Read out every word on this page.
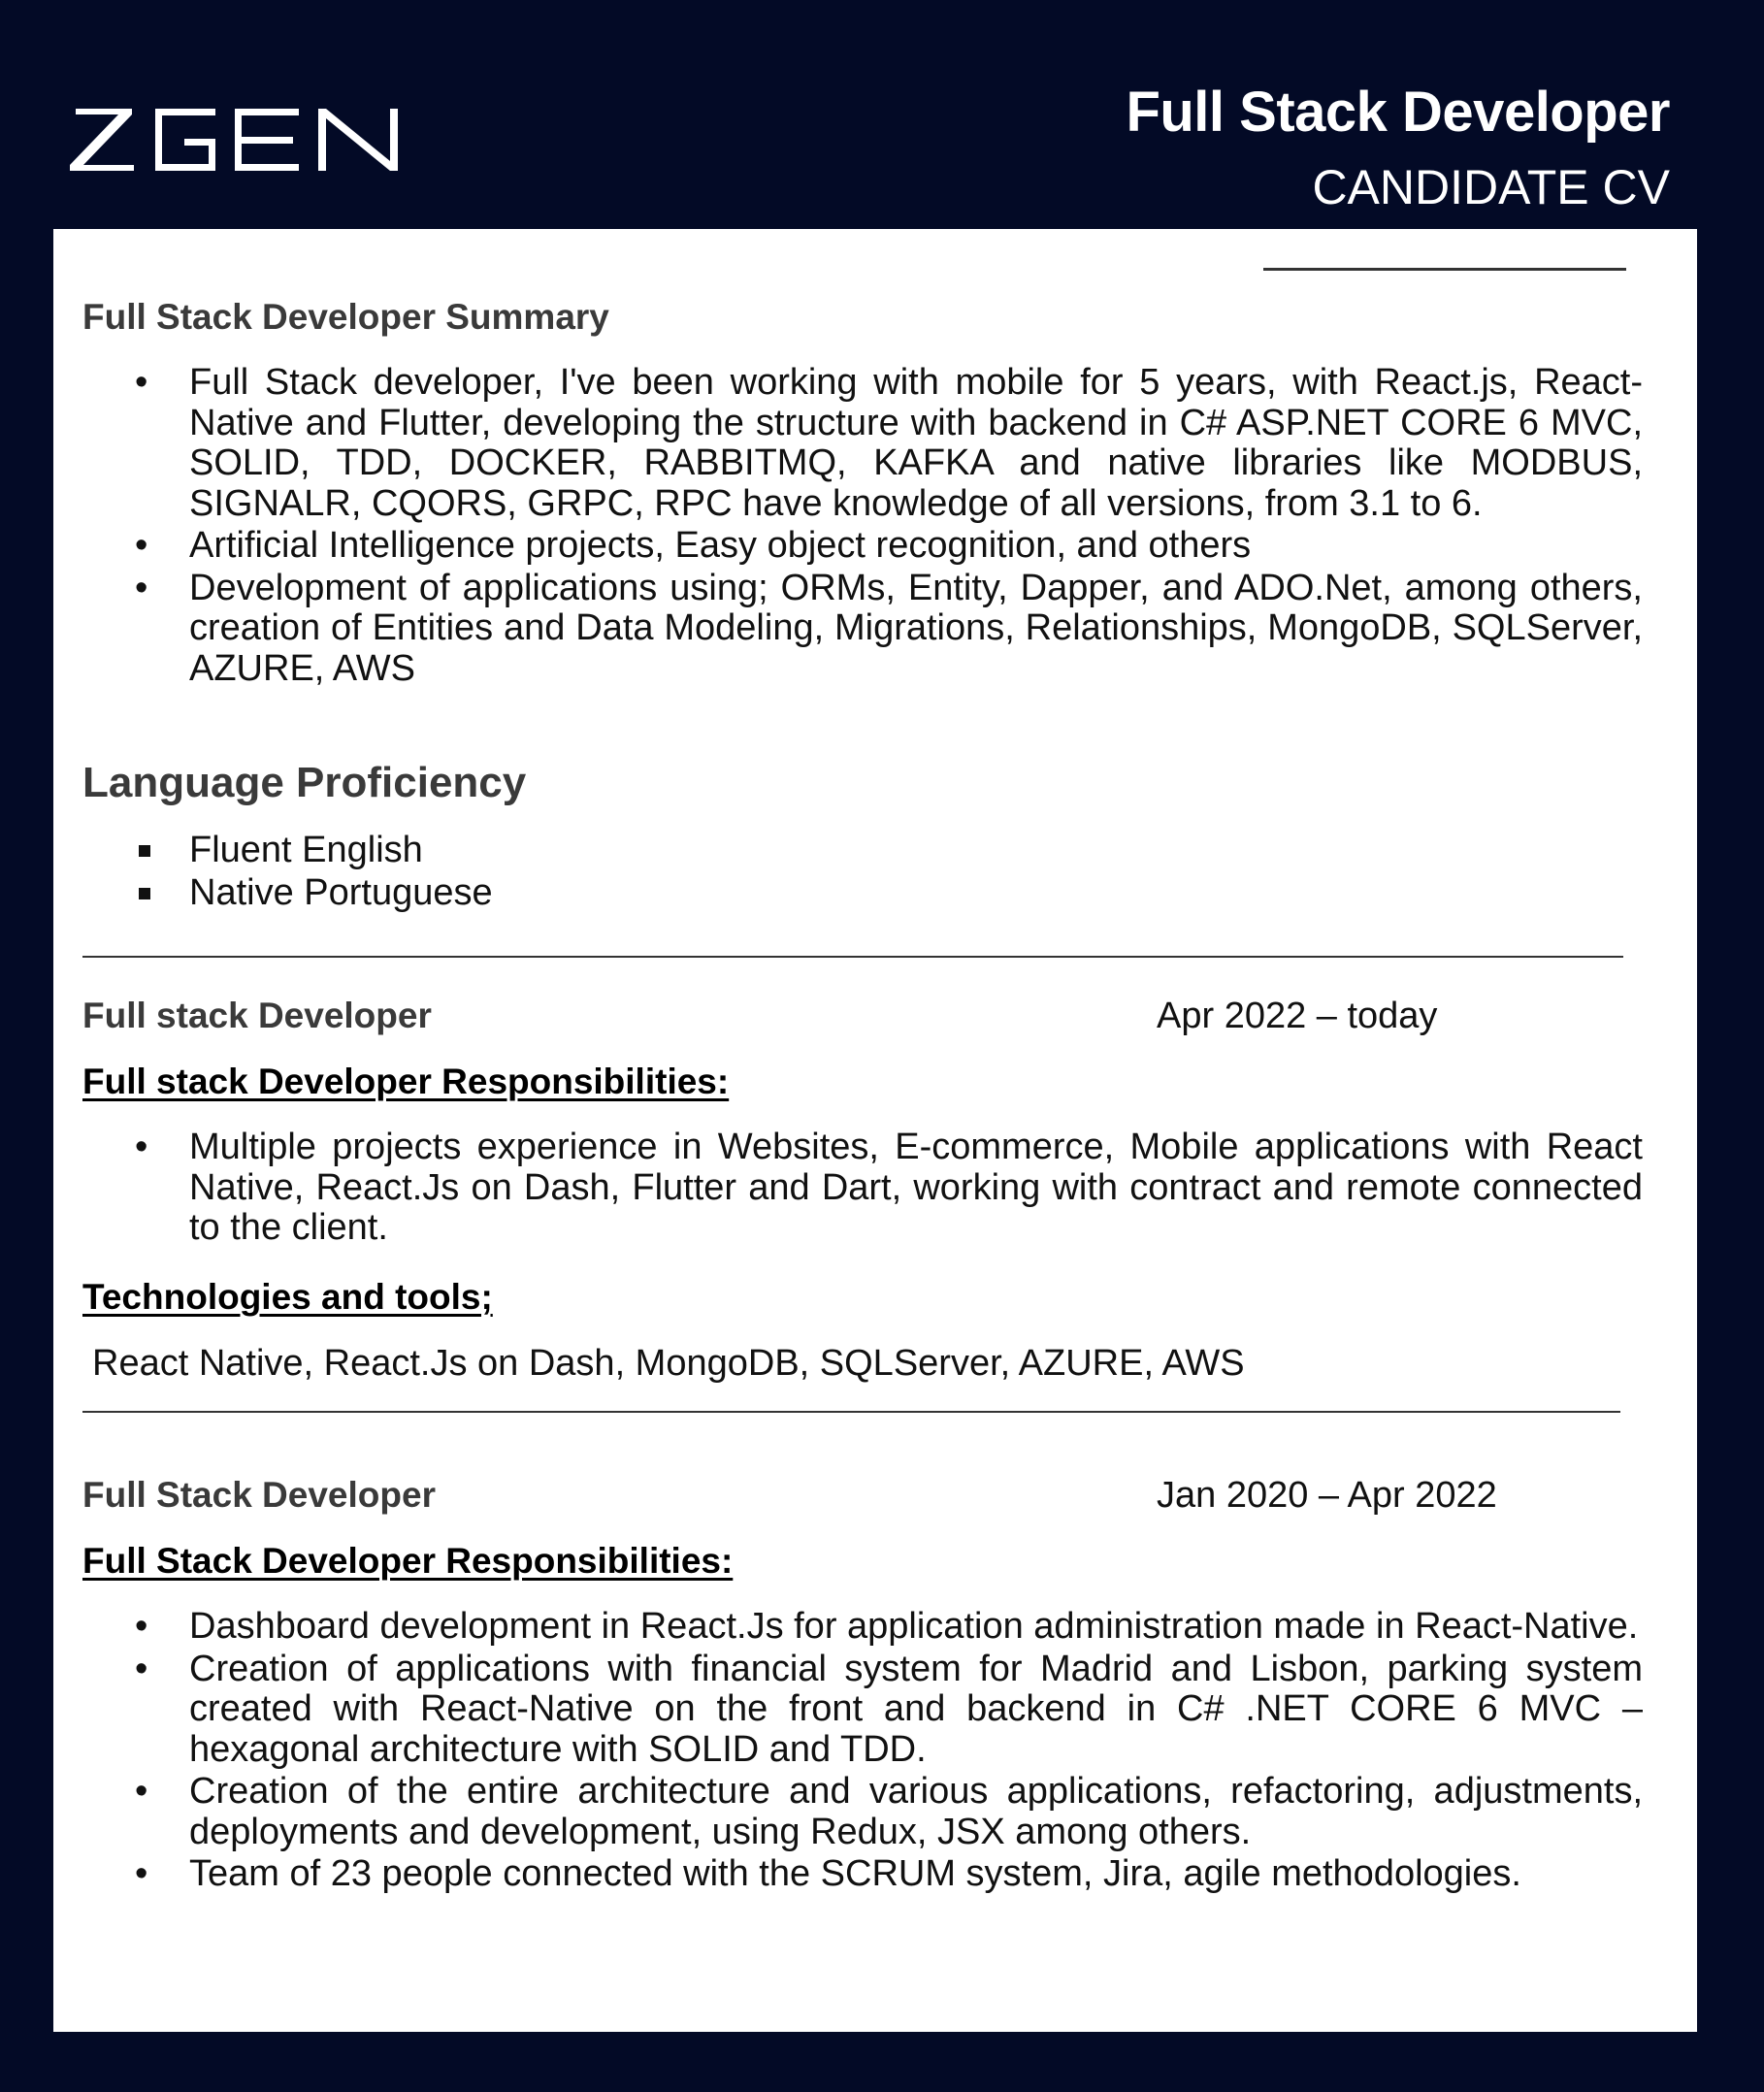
Full Stack Developer
CANDIDATE CV
Full Stack Developer Summary
• Full Stack developer, I've been working with mobile for 5 years, with React.js, React-Native and Flutter, developing the structure with backend in C# ASP.NET CORE 6 MVC, SOLID, TDD, DOCKER, RABBITMQ, KAFKA and native libraries like MODBUS, SIGNALR, CQORS, GRPC, RPC have knowledge of all versions, from 3.1 to 6.
• Artificial Intelligence projects, Easy object recognition, and others
• Development of applications using; ORMs, Entity, Dapper, and ADO.Net, among others, creation of Entities and Data Modeling, Migrations, Relationships, MongoDB, SQLServer, AZURE, AWS
Language Proficiency
Fluent English
Native Portuguese
Full stack Developer	Apr 2022 – today
Full stack Developer Responsibilities:
• Multiple projects experience in Websites, E-commerce, Mobile applications with React Native, React.Js on Dash, Flutter and Dart, working with contract and remote connected to the client.
Technologies and tools;
React Native, React.Js on Dash, MongoDB, SQLServer, AZURE, AWS
Full Stack Developer	Jan 2020 – Apr 2022
Full Stack Developer Responsibilities:
• Dashboard development in React.Js for application administration made in React-Native.
• Creation of applications with financial system for Madrid and Lisbon, parking system created with React-Native on the front and backend in C# .NET CORE 6 MVC – hexagonal architecture with SOLID and TDD.
• Creation of the entire architecture and various applications, refactoring, adjustments, deployments and development, using Redux, JSX among others.
• Team of 23 people connected with the SCRUM system, Jira, agile methodologies.
